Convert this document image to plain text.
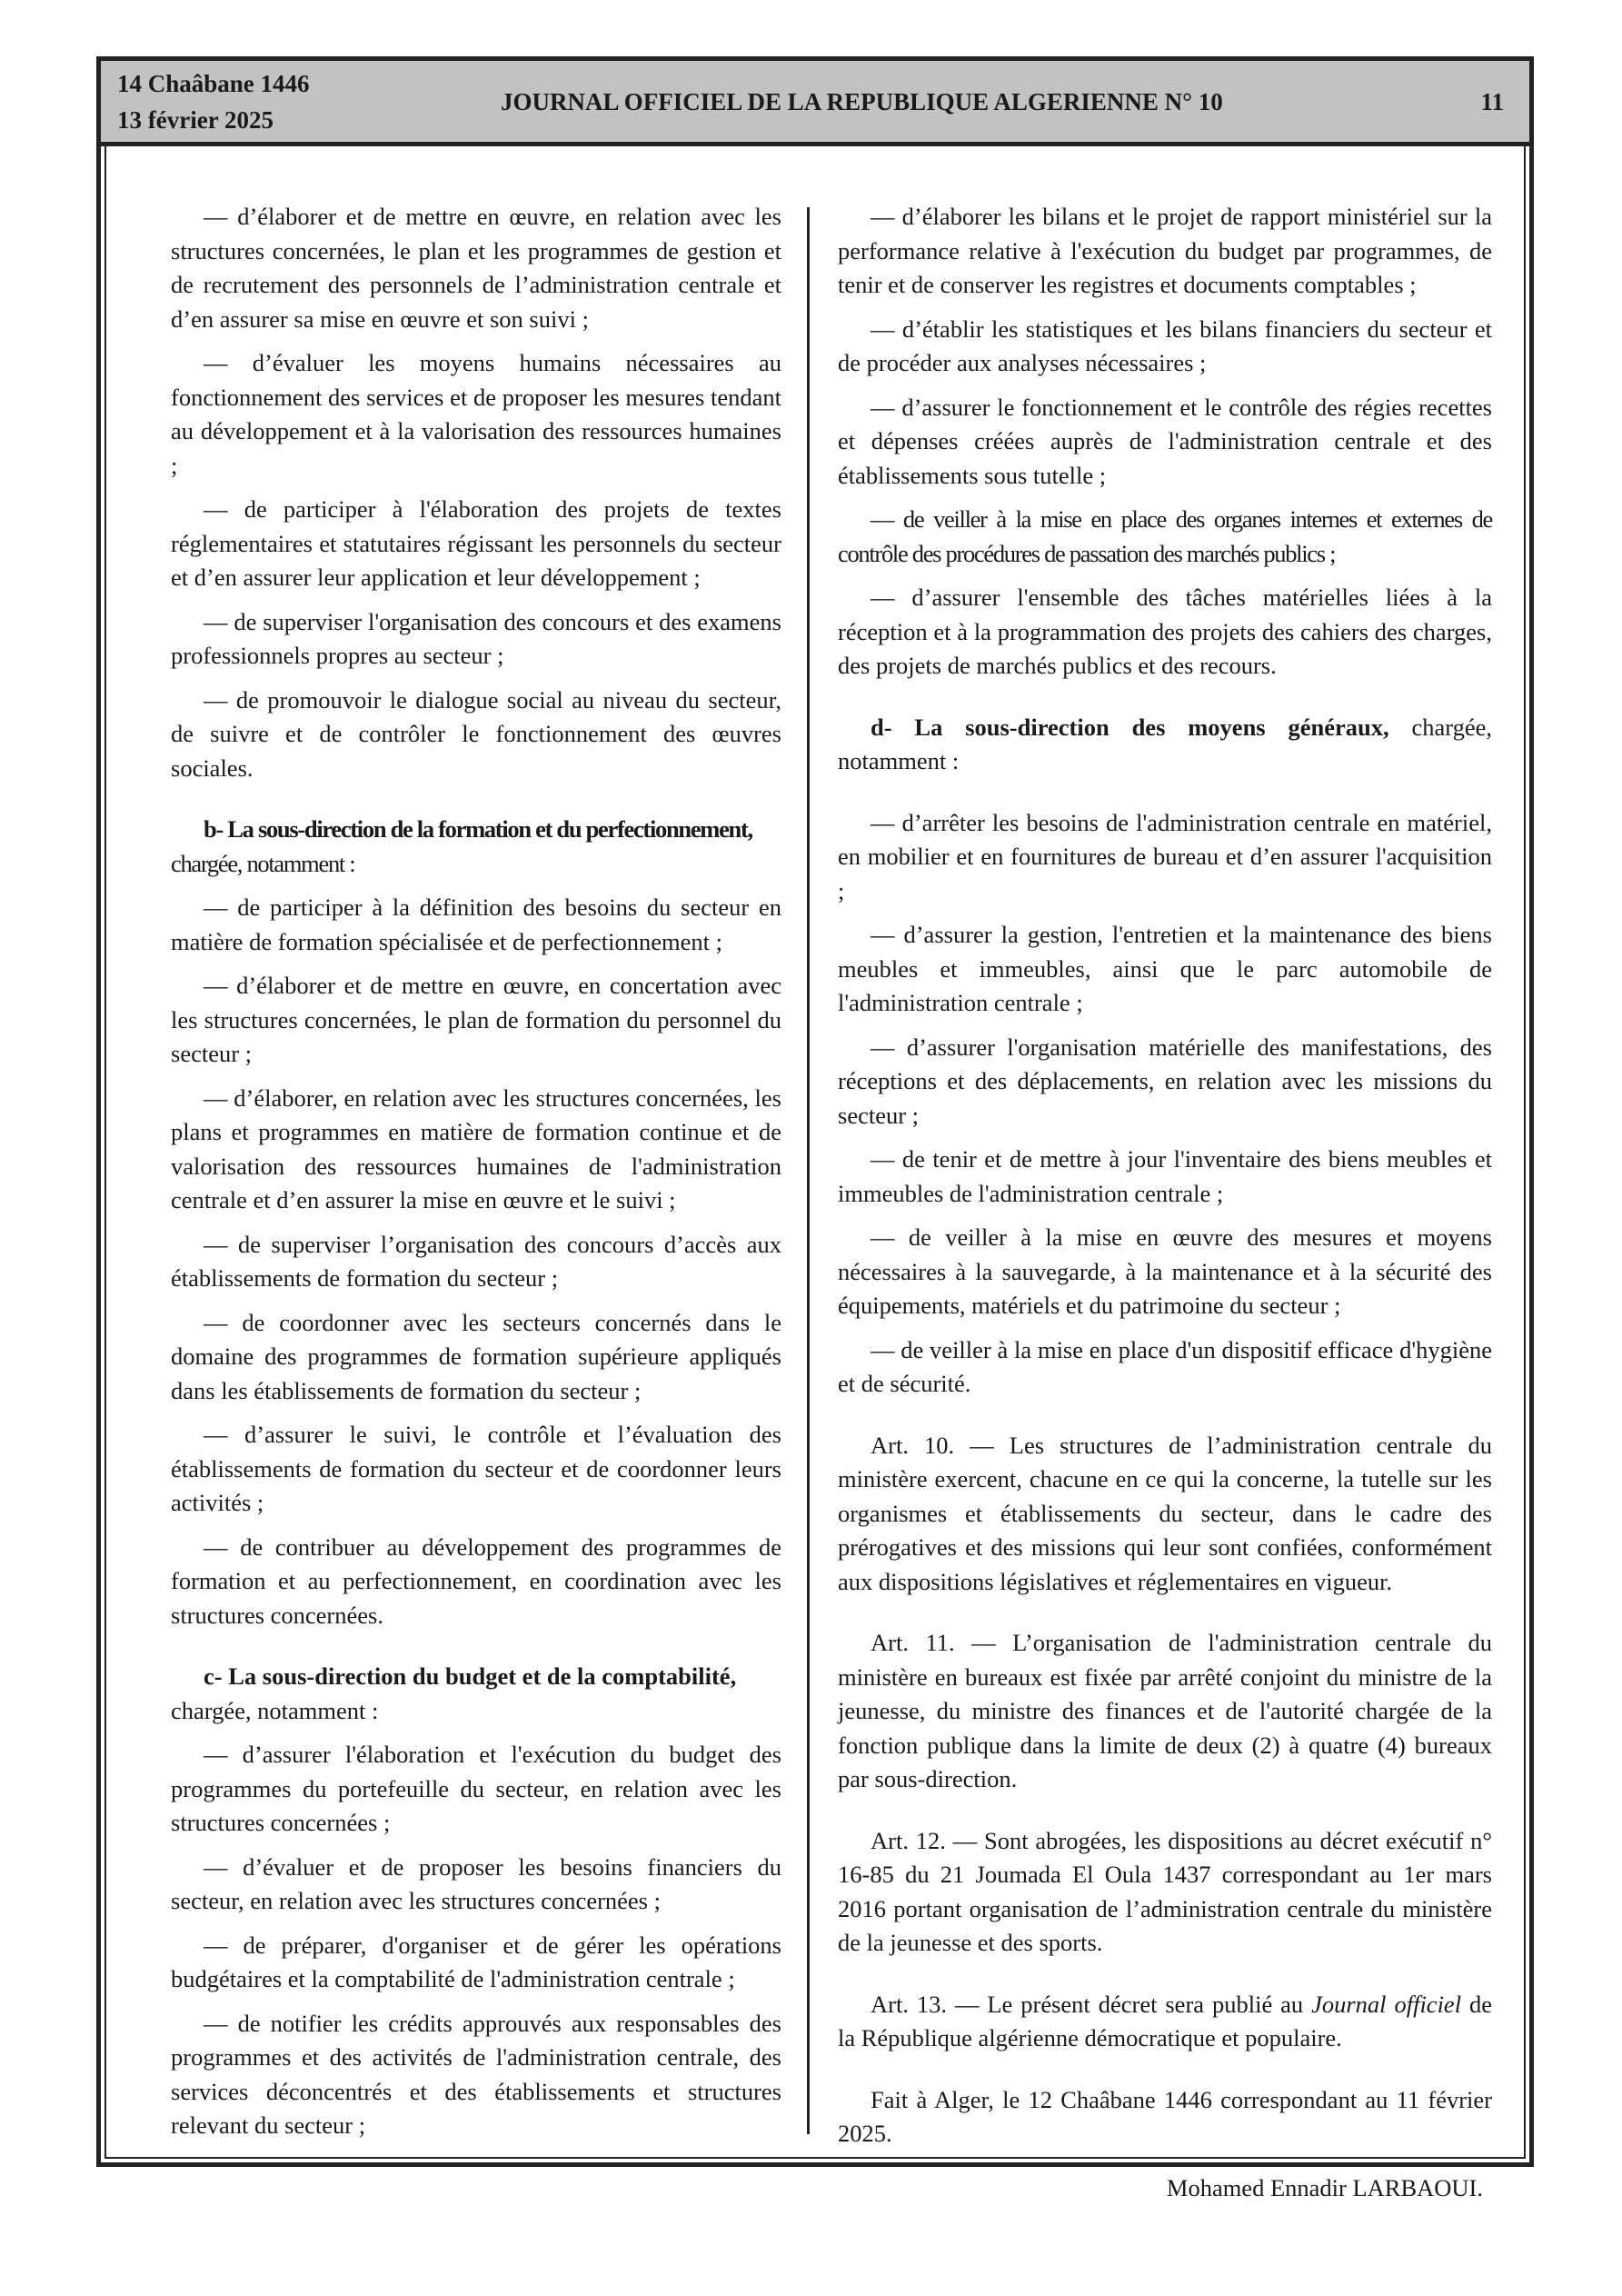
14 Chaâbane 1446
13 février 2025
JOURNAL OFFICIEL DE LA REPUBLIQUE ALGERIENNE N° 10	11

— d’élaborer et de mettre en œuvre, en relation avec les structures concernées, le plan et les programmes de gestion et de recrutement des personnels de l’administration centrale et d’en assurer sa mise en œuvre et son suivi ;

— d’évaluer les moyens humains nécessaires au fonctionnement des services et de proposer les mesures tendant au développement et à la valorisation des ressources humaines ;

— de participer à l'élaboration des projets de textes réglementaires et statutaires régissant les personnels du secteur et d’en assurer leur application et leur développement ;

— de superviser l'organisation des concours et des examens professionnels propres au secteur ;

— de promouvoir le dialogue social au niveau du secteur, de suivre et de contrôler le fonctionnement des œuvres sociales.

b- La sous-direction de la formation et du perfectionnement,
chargée, notamment :

— de participer à la définition des besoins du secteur en matière de formation spécialisée et de perfectionnement ;

— d’élaborer et de mettre en œuvre, en concertation avec les structures concernées, le plan de formation du personnel du secteur ;

— d’élaborer, en relation avec les structures concernées, les plans et programmes en matière de formation continue et de valorisation des ressources humaines de l'administration centrale et d’en assurer la mise en œuvre et le suivi ;

— de superviser l’organisation des concours d’accès aux établissements de formation du secteur ;

— de coordonner avec les secteurs concernés dans le domaine des programmes de formation supérieure appliqués dans les établissements de formation du secteur ;

— d’assurer le suivi, le contrôle et l’évaluation des établissements de formation du secteur et de coordonner leurs activités ;

— de contribuer au développement des programmes de formation et au perfectionnement, en coordination avec les structures concernées.

c- La sous-direction du budget et de la comptabilité,
chargée, notamment :

— d’assurer l'élaboration et l'exécution du budget des programmes du portefeuille du secteur, en relation avec les structures concernées ;

— d’évaluer et de proposer les besoins financiers du secteur, en relation avec les structures concernées ;

— de préparer, d'organiser et de gérer les opérations budgétaires et la comptabilité de l'administration centrale ;

— de notifier les crédits approuvés aux responsables des programmes et des activités de l'administration centrale, des services déconcentrés et des établissements et structures relevant du secteur ;

— d’élaborer les bilans et le projet de rapport ministériel sur la performance relative à l'exécution du budget par programmes, de tenir et de conserver les registres et documents comptables ;

— d’établir les statistiques et les bilans financiers du secteur et de procéder aux analyses nécessaires ;

— d’assurer le fonctionnement et le contrôle des régies recettes et dépenses créées auprès de l'administration centrale et des établissements sous tutelle ;

— de veiller à la mise en place des organes internes et externes de contrôle des procédures de passation des marchés publics ;

— d’assurer l'ensemble des tâches matérielles liées à la réception et à la programmation des projets des cahiers des charges, des projets de marchés publics et des recours.

d- La sous-direction des moyens généraux, chargée, notamment :

— d’arrêter les besoins de l'administration centrale en matériel, en mobilier et en fournitures de bureau et d’en assurer l'acquisition ;

— d’assurer la gestion, l'entretien et la maintenance des biens meubles et immeubles, ainsi que le parc automobile de l'administration centrale ;

— d’assurer l'organisation matérielle des manifestations, des réceptions et des déplacements, en relation avec les missions du secteur ;

— de tenir et de mettre à jour l'inventaire des biens meubles et immeubles de l'administration centrale ;

— de veiller à la mise en œuvre des mesures et moyens nécessaires à la sauvegarde, à la maintenance et à la sécurité des équipements, matériels et du patrimoine du secteur ;

— de veiller à la mise en place d'un dispositif efficace d'hygiène et de sécurité.

Art. 10. — Les structures de l’administration centrale du ministère exercent, chacune en ce qui la concerne, la tutelle sur les organismes et établissements du secteur, dans le cadre des prérogatives et des missions qui leur sont confiées, conformément aux dispositions législatives et réglementaires en vigueur.

Art. 11. — L’organisation de l'administration centrale du ministère en bureaux est fixée par arrêté conjoint du ministre de la jeunesse, du ministre des finances et de l'autorité chargée de la fonction publique dans la limite de deux (2) à quatre (4) bureaux par sous-direction.

Art. 12. — Sont abrogées, les dispositions au décret exécutif n° 16-85 du 21 Joumada El Oula 1437 correspondant au 1er mars 2016 portant organisation de l’administration centrale du ministère de la jeunesse et des sports.

Art. 13. — Le présent décret sera publié au Journal officiel de la République algérienne démocratique et populaire.

Fait à Alger, le 12 Chaâbane 1446 correspondant au 11 février 2025.

Mohamed Ennadir LARBAOUI.
